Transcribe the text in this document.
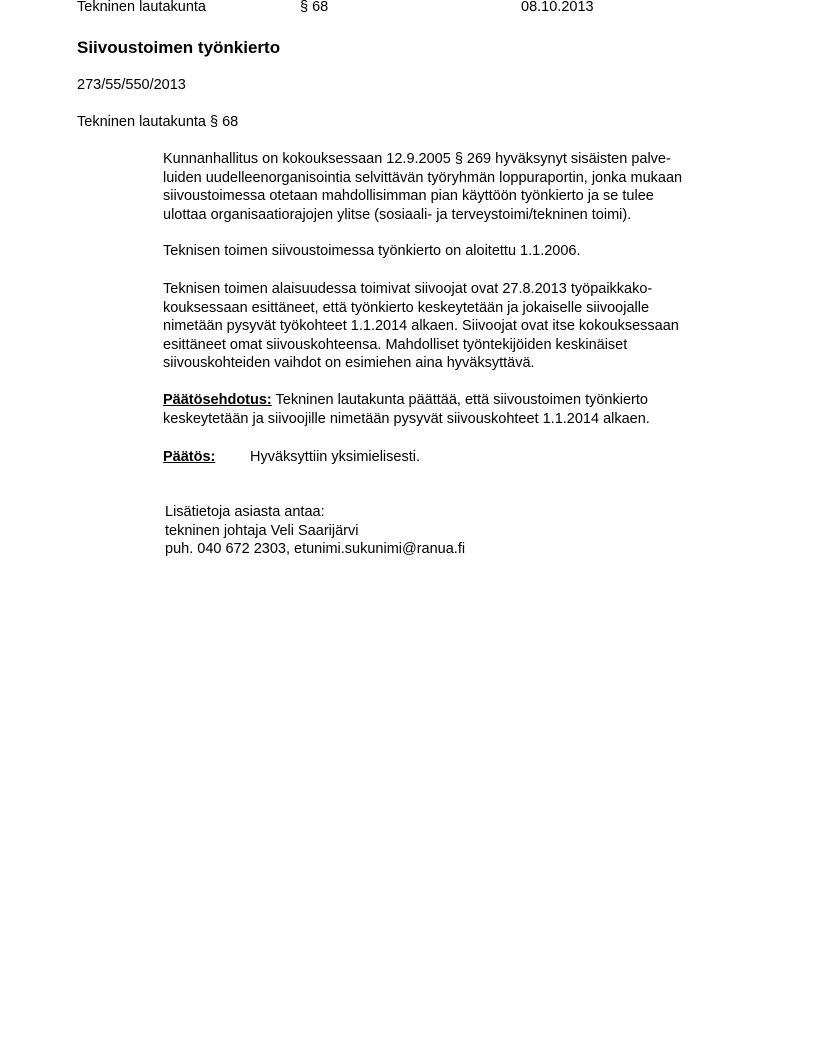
Tekninen lautakunta	§ 68	08.10.2013
Siivoustoimen työnkierto
273/55/550/2013
Tekninen lautakunta § 68
Kunnanhallitus on kokouksessaan 12.9.2005 § 269 hyväksynyt sisäisten palve-
luiden uudelleenorganisointia selvittävän työryhmän loppuraportin, jonka mukaan
siivoustoimessa otetaan mahdollisimman pian käyttöön työnkierto ja se tulee
ulottaa organisaatiorajojen ylitse (sosiaali- ja terveystoimi/tekninen toimi).
Teknisen toimen siivoustoimessa työnkierto on aloitettu 1.1.2006.
Teknisen toimen alaisuudessa toimivat siivoojat ovat 27.8.2013 työpaikkako-
kouksessaan esittäneet, että työnkierto keskeytetään ja jokaiselle siivoojalle
nimetään pysyvät työkohteet 1.1.2014 alkaen. Siivoojat ovat itse kokouksessaan
esittäneet omat siivouskohteensa. Mahdolliset työntekijöiden keskinäiset
siivouskohteiden vaihdot on esimiehen aina hyväksyttävä.
Päätösehdotus: Tekninen lautakunta päättää, että siivoustoimen työnkierto
keskeytetään ja siivoojille nimetään pysyvät siivouskohteet 1.1.2014 alkaen.
Päätös: Hyväksyttiin yksimielisesti.
Lisätietoja asiasta antaa:
tekninen johtaja Veli Saarijärvi
puh. 040 672 2303, etunimi.sukunimi@ranua.fi
